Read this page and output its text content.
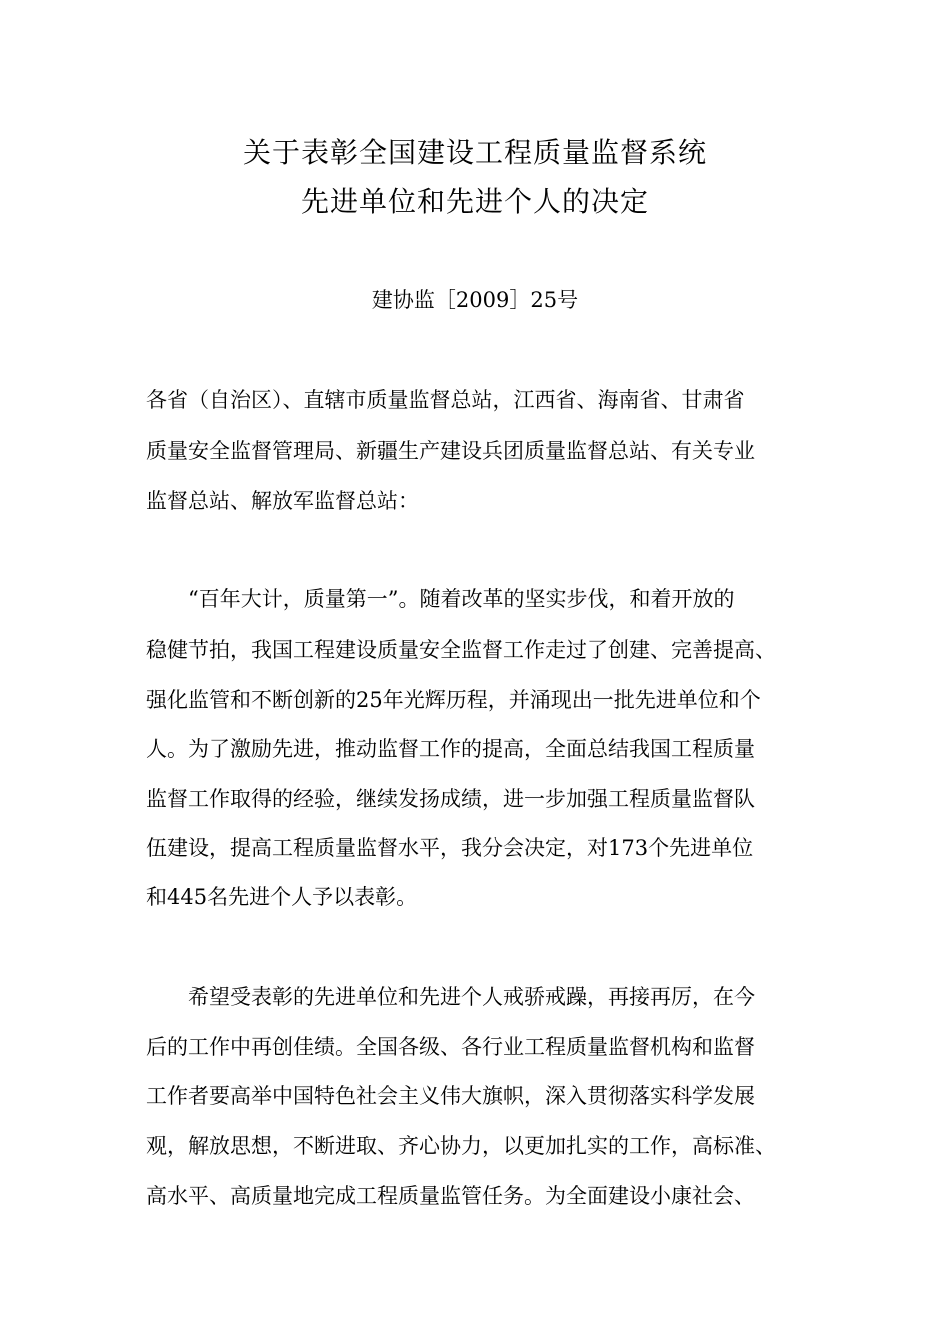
关于表彰全国建设工程质量监督系统
先进单位和先进个人的决定
建协监［2009］25号
各省（自治区）、直辖市质量监督总站，江西省、海南省、甘肃省
质量安全监督管理局、新疆生产建设兵团质量监督总站、有关专业
监督总站、解放军监督总站：
“百年大计，质量第一”。随着改革的坚实步伐，和着开放的
稳健节拍，我国工程建设质量安全监督工作走过了创建、完善提高、
强化监管和不断创新的25年光辉历程，并涌现出一批先进单位和个
人。为了激励先进，推动监督工作的提高，全面总结我国工程质量
监督工作取得的经验，继续发扬成绩，进一步加强工程质量监督队
伍建设，提高工程质量监督水平，我分会决定，对173个先进单位
和445名先进个人予以表彰。
希望受表彰的先进单位和先进个人戒骄戒躁，再接再厉，在今
后的工作中再创佳绩。全国各级、各行业工程质量监督机构和监督
工作者要高举中国特色社会主义伟大旗帜，深入贯彻落实科学发展
观，解放思想，不断进取、齐心协力，以更加扎实的工作，高标准、
高水平、高质量地完成工程质量监管任务。为全面建设小康社会、
